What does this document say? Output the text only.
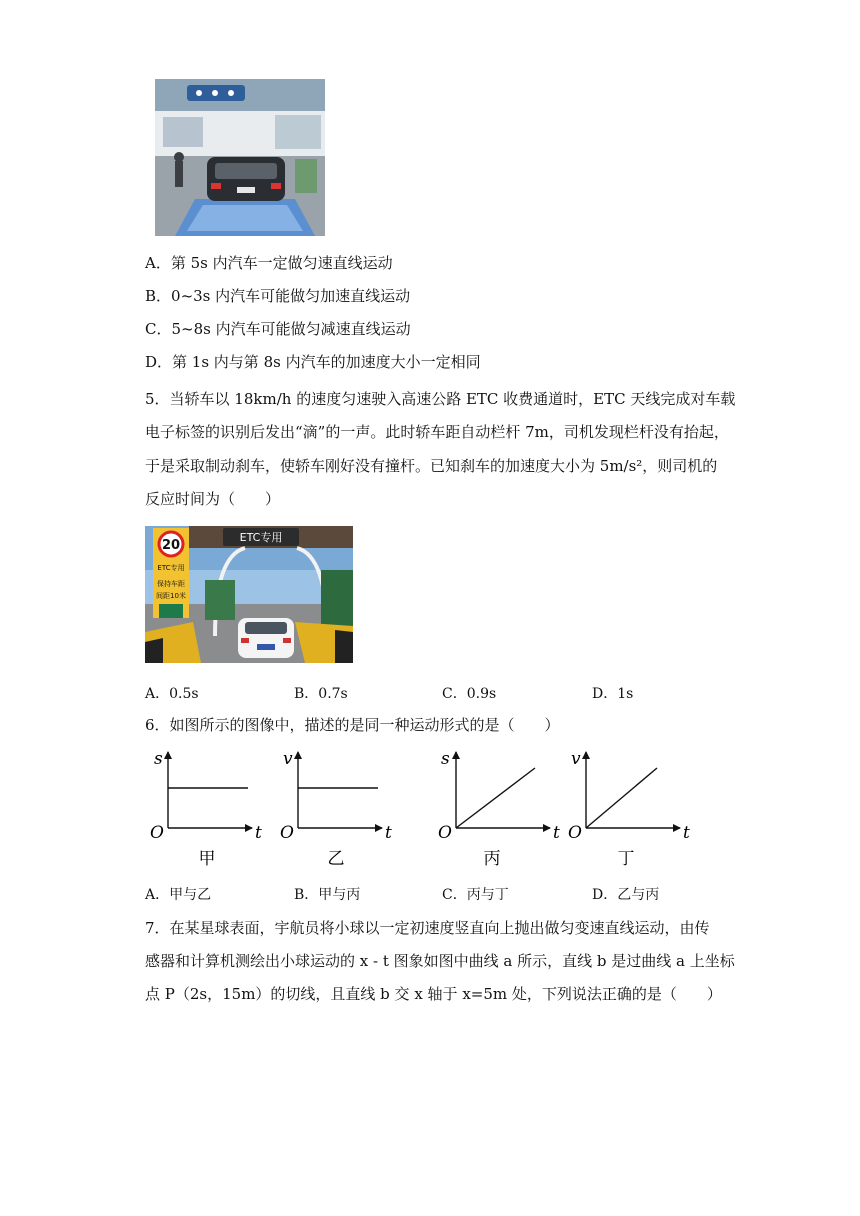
A．第 5s 内汽车一定做匀速直线运动
B．0~3s 内汽车可能做匀加速直线运动
C．5~8s 内汽车可能做匀减速直线运动
D．第 1s 内与第 8s 内汽车的加速度大小一定相同
5．当轿车以 18km/h 的速度匀速驶入高速公路 ETC 收费通道时，ETC 天线完成对车载
电子标签的识别后发出“滴”的一声。此时轿车距自动栏杆 7m，司机发现栏杆没有抬起，
于是采取制动刹车，使轿车刚好没有撞杆。已知刹车的加速度大小为 5m/s²，则司机的
反应时间为（　　）
ETC专用
20
ETC专用
保持车距
间距10米
A．0.5s	B．0.7s	C．0.9s	D．1s
6．如图所示的图像中，描述的是同一种运动形式的是（　　）
s
t
O
v
t
O
s
t
O
v
t
O
甲	乙	丙	丁
A．甲与乙	B．甲与丙	C．丙与丁	D．乙与丙
7．在某星球表面，宇航员将小球以一定初速度竖直向上抛出做匀变速直线运动，由传
感器和计算机测绘出小球运动的 x - t 图象如图中曲线 a 所示，直线 b 是过曲线 a 上坐标
点 P（2s，15m）的切线，且直线 b 交 x 轴于 x=5m 处，下列说法正确的是（　　）
